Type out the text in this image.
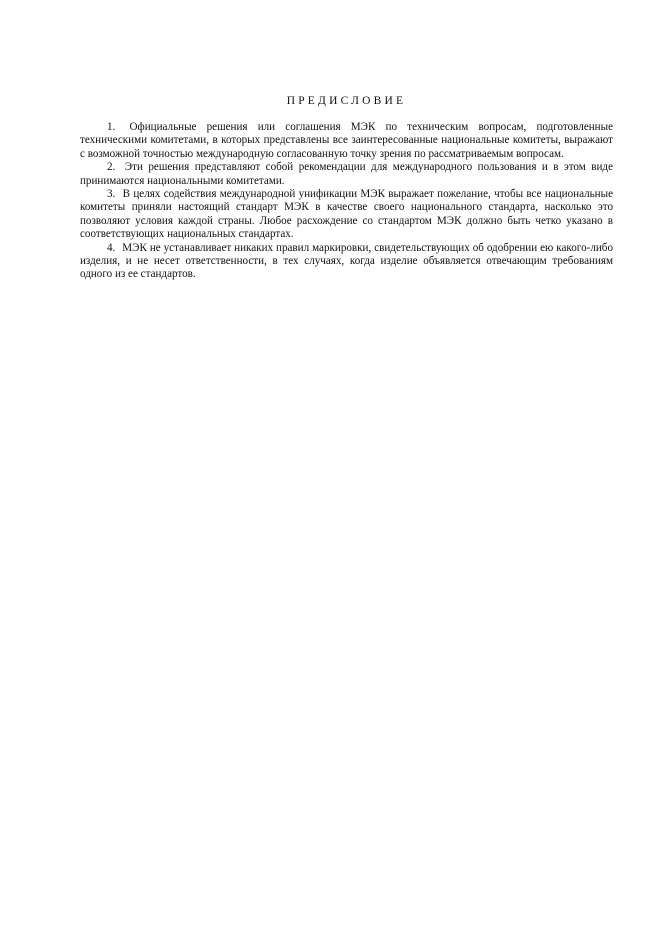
ПРЕДИСЛОВИЕ

1. Официальные решения или соглашения МЭК по техническим вопросам, подготовленные техническими комитетами, в которых представлены все заинтересованные национальные комитеты, выражают с возможной точностью международную согласованную точку зрения по рассматриваемым вопросам.

2. Эти решения представляют собой рекомендации для международного пользования и в этом виде принимаются национальными комитетами.

3. В целях содействия международной унификации МЭК выражает пожелание, чтобы все национальные комитеты приняли настоящий стандарт МЭК в качестве своего национального стандарта, насколько это позволяют условия каждой страны. Любое расхождение со стандартом МЭК должно быть четко указано в соответствующих национальных стандартах.

4. МЭК не устанавливает никаких правил маркировки, свидетельствующих об одобрении ею какого-либо изделия, и не несет ответственности, в тех случаях, когда изделие объявляется отвечающим требованиям одного из ее стандартов.
